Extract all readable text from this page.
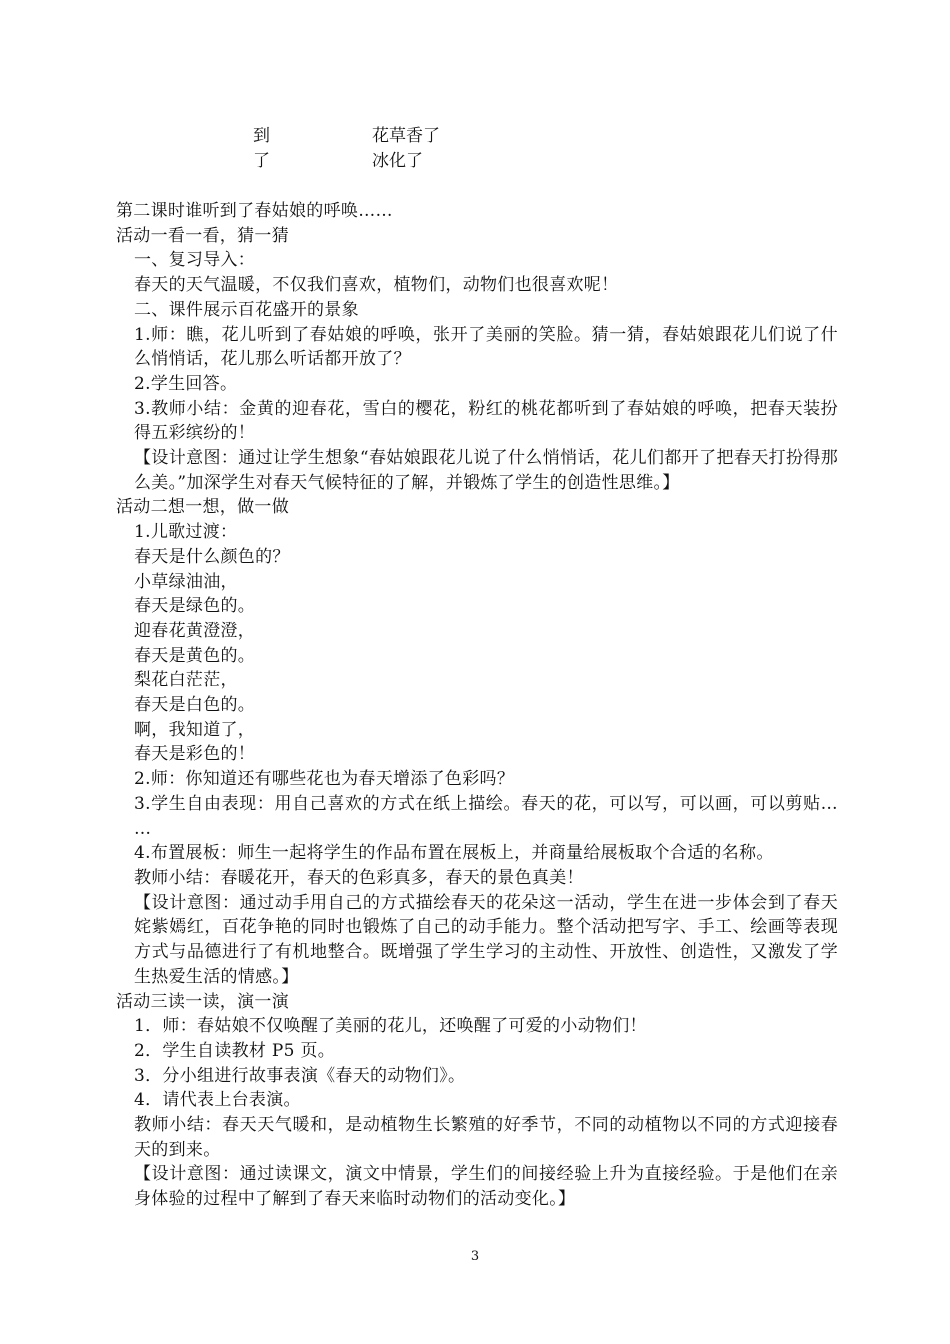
到	花草香了
了	冰化了

第二课时谁听到了春姑娘的呼唤……

活动一看一看，猜一猜

一、复习导入：

春天的天气温暖，不仅我们喜欢，植物们，动物们也很喜欢呢！

二、课件展示百花盛开的景象

1.师：瞧，花儿听到了春姑娘的呼唤，张开了美丽的笑脸。猜一猜，春姑娘跟花儿们说了什么悄悄话，花儿那么听话都开放了？

2.学生回答。

3.教师小结：金黄的迎春花，雪白的樱花，粉红的桃花都听到了春姑娘的呼唤，把春天装扮得五彩缤纷的！

【设计意图：通过让学生想象“春姑娘跟花儿说了什么悄悄话，花儿们都开了把春天打扮得那么美。”加深学生对春天气候特征的了解，并锻炼了学生的创造性思维。】

活动二想一想，做一做

1.儿歌过渡：

春天是什么颜色的？

小草绿油油，

春天是绿色的。

迎春花黄澄澄，

春天是黄色的。

梨花白茫茫，

春天是白色的。

啊，我知道了，

春天是彩色的！

2.师：你知道还有哪些花也为春天增添了色彩吗？

3.学生自由表现：用自己喜欢的方式在纸上描绘。春天的花，可以写，可以画，可以剪贴… …

4.布置展板：师生一起将学生的作品布置在展板上，并商量给展板取个合适的名称。

教师小结：春暖花开，春天的色彩真多，春天的景色真美！

【设计意图：通过动手用自己的方式描绘春天的花朵这一活动，学生在进一步体会到了春天姹紫嫣红，百花争艳的同时也锻炼了自己的动手能力。整个活动把写字、手工、绘画等表现方式与品德进行了有机地整合。既增强了学生学习的主动性、开放性、创造性，又激发了学生热爱生活的情感。】

活动三读一读，演一演

1．师：春姑娘不仅唤醒了美丽的花儿，还唤醒了可爱的小动物们！

2．学生自读教材 P5 页。

3．分小组进行故事表演《春天的动物们》。

4．请代表上台表演。

教师小结：春天天气暖和，是动植物生长繁殖的好季节，不同的动植物以不同的方式迎接春天的到来。

【设计意图：通过读课文，演文中情景，学生们的间接经验上升为直接经验。于是他们在亲身体验的过程中了解到了春天来临时动物们的活动变化。】

3
